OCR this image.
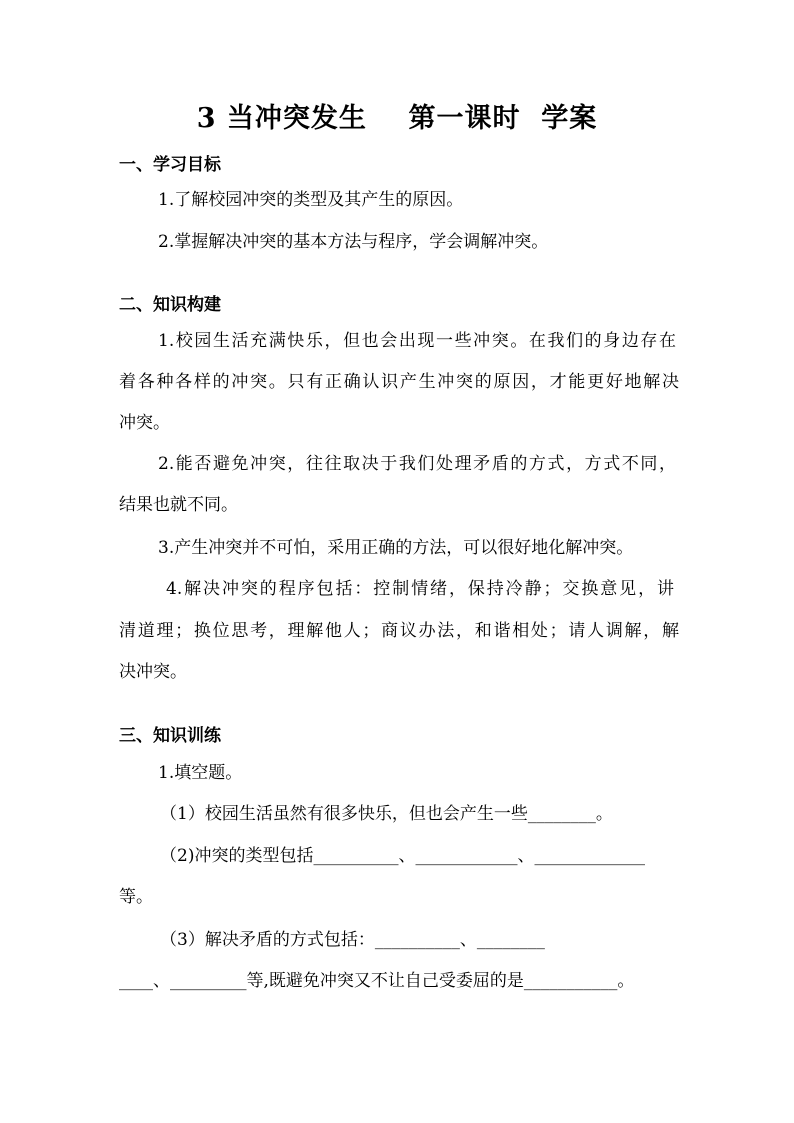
3 当冲突发生    第一课时  学案
一、学习目标
1.了解校园冲突的类型及其产生的原因。
2.掌握解决冲突的基本方法与程序，学会调解冲突。
二、知识构建
1.校园生活充满快乐，但也会出现一些冲突。在我们的身边存在
着各种各样的冲突。只有正确认识产生冲突的原因，才能更好地解决
冲突。
2.能否避免冲突，往往取决于我们处理矛盾的方式，方式不同，
结果也就不同。
3.产生冲突并不可怕，采用正确的方法，可以很好地化解冲突。
4.解决冲突的程序包括：控制情绪，保持冷静；交换意见，讲
清道理；换位思考，理解他人；商议办法，和谐相处；请人调解，解
决冲突。
三、知识训练
1.填空题。
（1）校园生活虽然有很多快乐，但也会产生一些________。
（2)冲突的类型包括__________、____________、_____________
等。
（3）解决矛盾的方式包括：__________、________
____、_________等,既避免冲突又不让自己受委屈的是___________。
